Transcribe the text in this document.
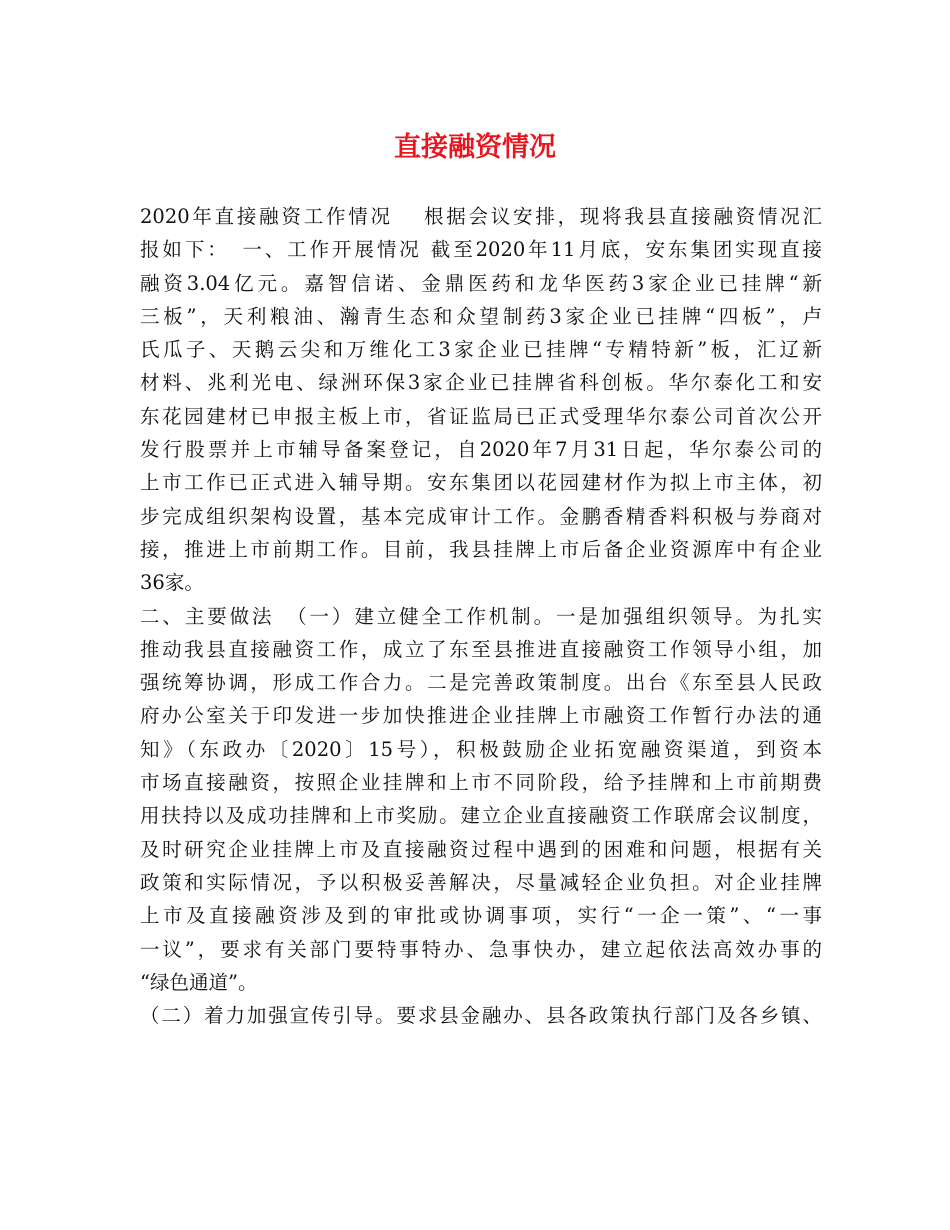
直接融资情况
2020年直接融资工作情况　 根据会议安排，现将我县直接融资情况汇
报如下：　一、工作开展情况 截至2020年11月底，安东集团实现直接
融资3.04亿元。嘉智信诺、金鼎医药和龙华医药3家企业已挂牌“新
三板”，天利粮油、瀚青生态和众望制药3家企业已挂牌“四板”，卢
氏瓜子、天鹅云尖和万维化工3家企业已挂牌“专精特新”板，汇辽新
材料、兆利光电、绿洲环保3家企业已挂牌省科创板。华尔泰化工和安
东花园建材已申报主板上市，省证监局已正式受理华尔泰公司首次公开
发行股票并上市辅导备案登记，自2020年7月31日起，华尔泰公司的
上市工作已正式进入辅导期。安东集团以花园建材作为拟上市主体，初
步完成组织架构设置，基本完成审计工作。金鹏香精香料积极与券商对
接，推进上市前期工作。目前，我县挂牌上市后备企业资源库中有企业
36家。
二、主要做法　（一）建立健全工作机制。一是加强组织领导。为扎实
推动我县直接融资工作，成立了东至县推进直接融资工作领导小组，加
强统筹协调，形成工作合力。二是完善政策制度。出台《东至县人民政
府办公室关于印发进一步加快推进企业挂牌上市融资工作暂行办法的通
知》（东政办〔2020〕15号），积极鼓励企业拓宽融资渠道，到资本
市场直接融资，按照企业挂牌和上市不同阶段，给予挂牌和上市前期费
用扶持以及成功挂牌和上市奖励。建立企业直接融资工作联席会议制度，
及时研究企业挂牌上市及直接融资过程中遇到的困难和问题，根据有关
政策和实际情况，予以积极妥善解决，尽量减轻企业负担。对企业挂牌
上市及直接融资涉及到的审批或协调事项，实行“一企一策”、“一事
一议”，要求有关部门要特事特办、急事快办，建立起依法高效办事的
“绿色通道”。
（二）着力加强宣传引导。要求县金融办、县各政策执行部门及各乡镇、
